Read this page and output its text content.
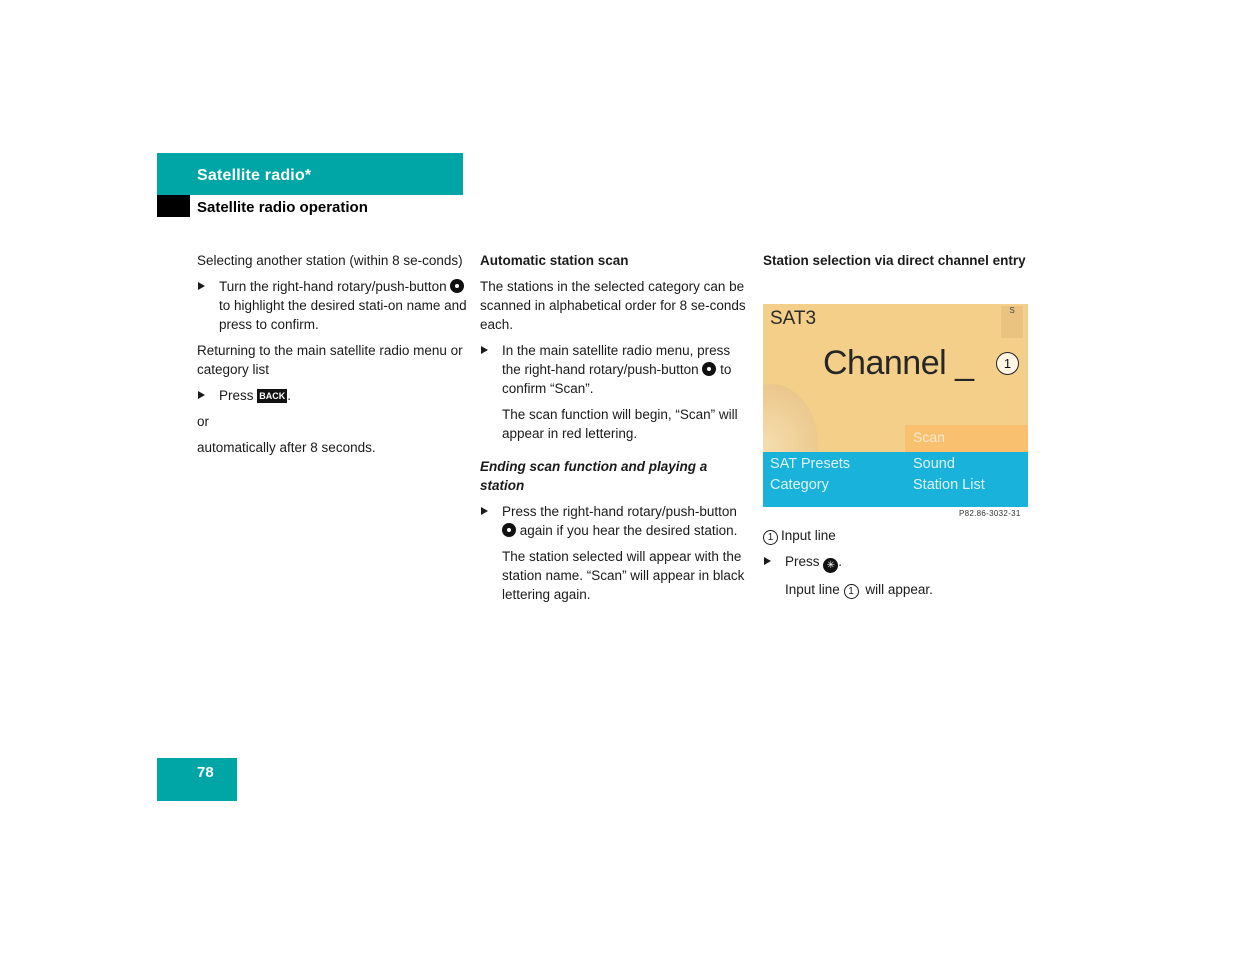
Satellite radio*
Satellite radio operation

Selecting another station (within 8 se-conds)

Turn the right-hand rotary/push-button  to highlight the desired stati-on name and press to confirm.

Returning to the main satellite radio menu or category list

Press BACK .

or

automatically after 8 seconds.

Automatic station scan

The stations in the selected category can be scanned in alphabetical order for 8 se-conds each.

In the main satellite radio menu, press the right-hand rotary/push-button to confirm “Scan”.
The scan function will begin, “Scan” will appear in red lettering.
Ending scan function and playing a station
Press the right-hand rotary/push-button  again if you hear the desired station.
The station selected will appear with the station name. “Scan” will appear in black lettering again.
Station selection via direct channel entry
SAT3	S
Channel _	1
Scan
SAT Presets
Category
Sound
Station List
P82.86-3032-31

1 Input line

Press ✳ .
Input line 1 will appear.
78
